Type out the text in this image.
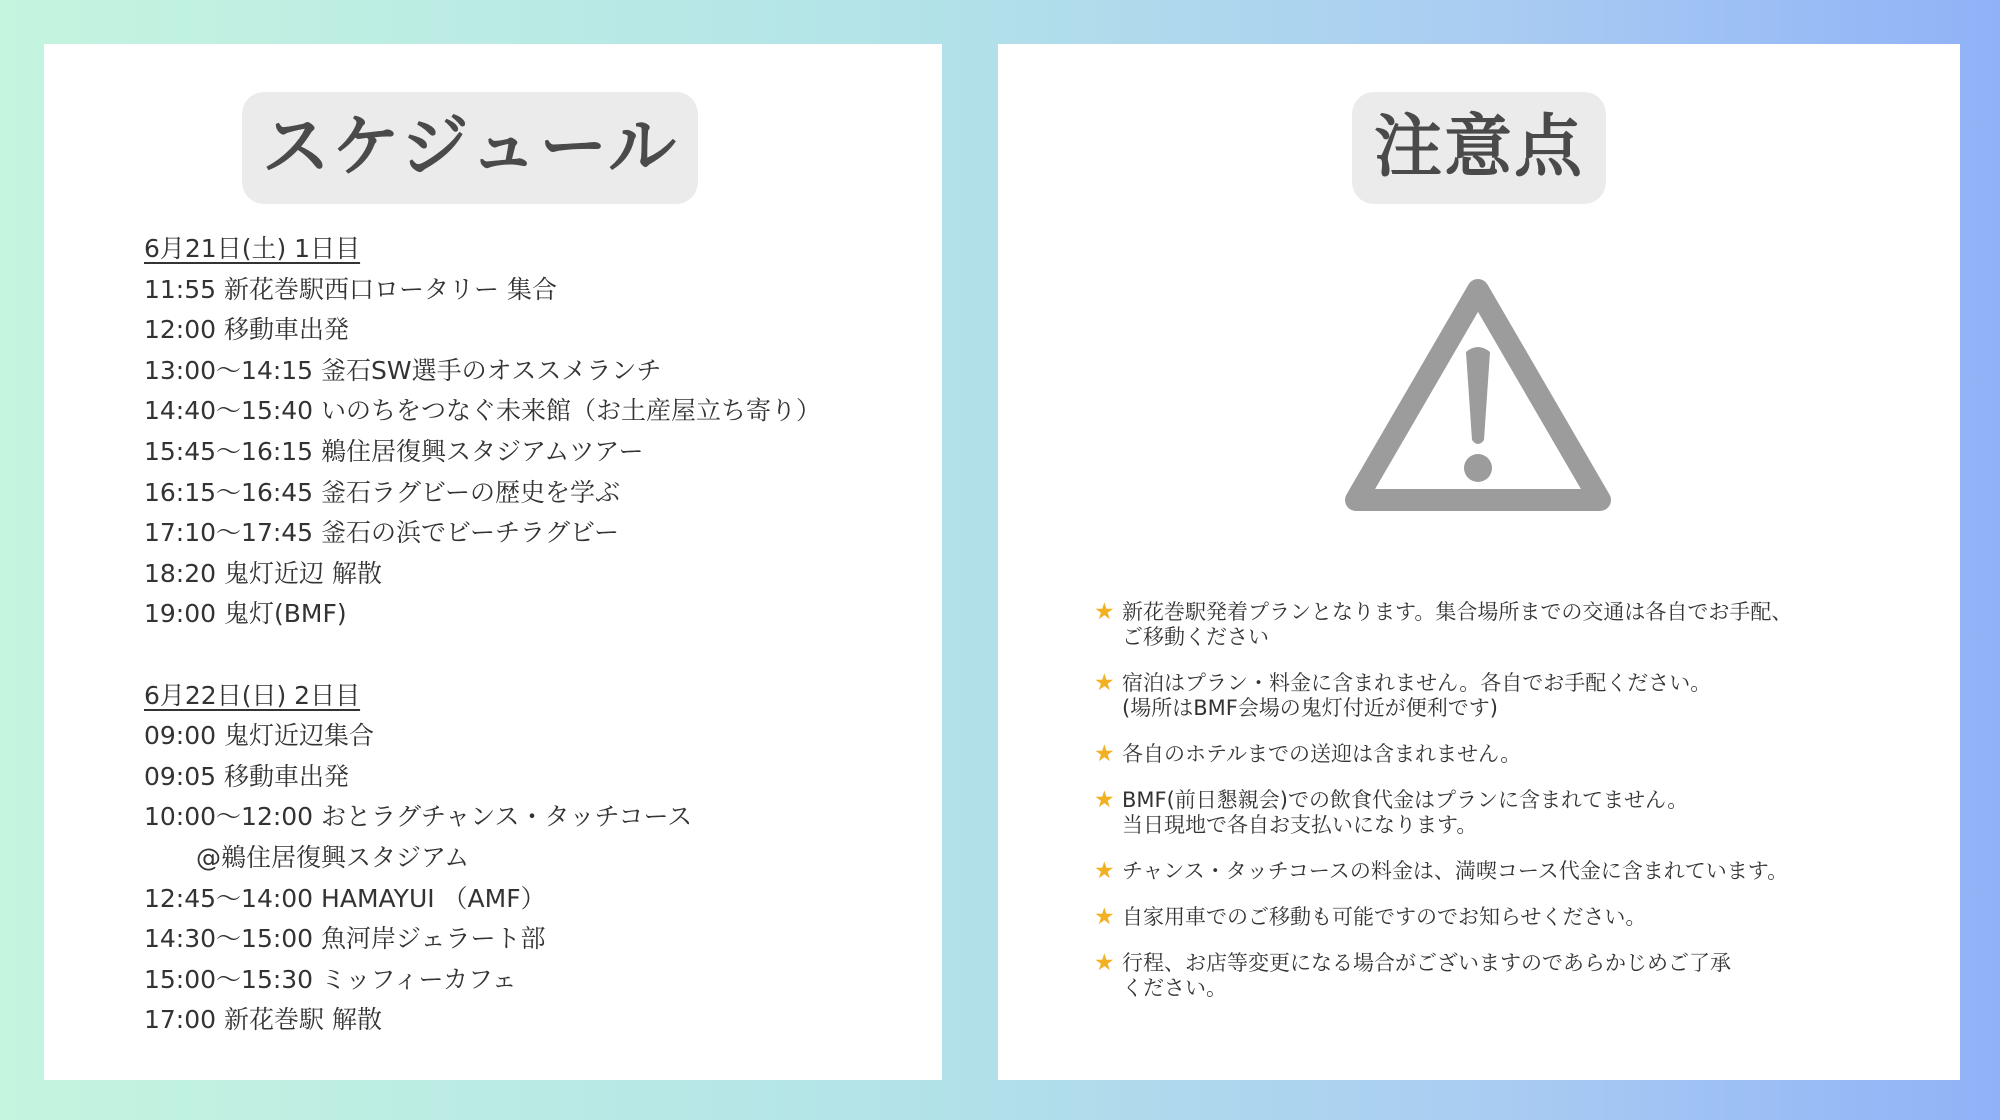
スケジュール
6月21日(土) 1日目
11:55 新花巻駅西口ロータリー 集合
12:00 移動車出発
13:00〜14:15 釜石SW選手のオススメランチ
14:40〜15:40 いのちをつなぐ未来館（お土産屋立ち寄り）
15:45〜16:15 鵜住居復興スタジアムツアー
16:15〜16:45 釜石ラグビーの歴史を学ぶ
17:10〜17:45 釜石の浜でビーチラグビー
18:20 鬼灯近辺 解散
19:00 鬼灯(BMF)
6月22日(日) 2日目
09:00 鬼灯近辺集合
09:05 移動車出発
10:00〜12:00 おとラグチャンス・タッチコース
@鵜住居復興スタジアム
12:45〜14:00 HAMAYUI （AMF）
14:30〜15:00 魚河岸ジェラート部
15:00〜15:30 ミッフィーカフェ
17:00 新花巻駅 解散
注意点
★ 新花巻駅発着プランとなります。集合場所までの交通は各自でお手配、
ご移動ください
★ 宿泊はプラン・料金に含まれません。各自でお手配ください。
(場所はBMF会場の鬼灯付近が便利です)
★ 各自のホテルまでの送迎は含まれません。
★ BMF(前日懇親会)での飲食代金はプランに含まれてません。
当日現地で各自お支払いになります。
★ チャンス・タッチコースの料金は、満喫コース代金に含まれています。
★ 自家用車でのご移動も可能ですのでお知らせください。
★ 行程、お店等変更になる場合がございますのであらかじめご了承
ください。
